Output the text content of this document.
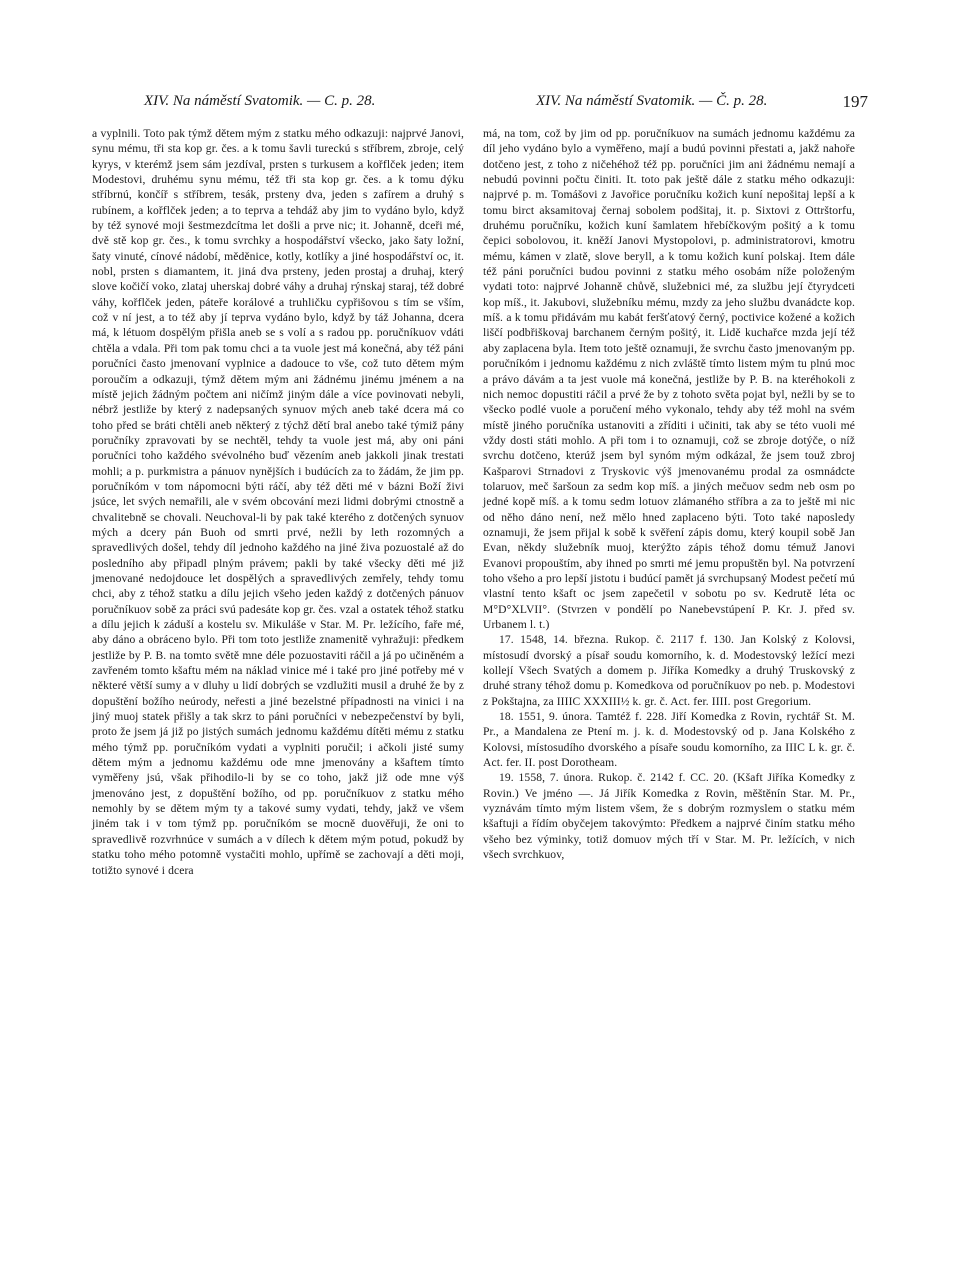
XIV. Na náměstí Svatomik. — C. p. 28.	XIV. Na náměstí Svatomik. — Č. p. 28.	197

a vyplnili. Toto pak týmž dětem mým z statku mého odkazuji: najprvé Janovi, synu mému, tři sta kop gr. čes. a k tomu šavli tureckú s stříbrem, zbroje, celý kyrys, v kterémž jsem sám jezdíval, prsten s turkusem a kořflček jeden; item Modestovi, druhému synu mému, též tři sta kop gr. čes. a k tomu dýku stříbrnú, končíř s stříbrem, tesák, prsteny dva, jeden s zafírem a druhý s rubínem, a kořflček jeden; a to teprva a tehdáž aby jim to vydáno bylo, když by též synové moji šestmezdcítma let došli a prve nic; it. Johanně, dceři mé, dvě stě kop gr. čes., k tomu svrchky a hospodářství všecko, jako šaty ložní, šaty vinuté, cínové nádobí, měděnice, kotly, kotlíky a jiné hospodářství oc, it. nobl, prsten s diamantem, it. jiná dva prsteny, jeden prostaj a druhaj, který slove kočičí voko, zlataj uherskaj dobré váhy a druhaj rýnskaj staraj, též dobré váhy, kořflček jeden, páteře korálové a truhličku cypřišovou s tím se vším, což v ní jest, a to též aby jí teprva vydáno bylo, když by táž Johanna, dcera má, k létuom dospělým přišla aneb se s volí a s radou pp. poručníkuov vdáti chtěla a vdala. Při tom pak tomu chci a ta vuole jest má konečná, aby též páni poručníci často jmenovaní vyplnice a dadouce to vše, což tuto dětem mým poroučím a odkazuji, týmž dětem mým ani žádnému jinému jménem a na místě jejich žádným počtem ani ničímž jiným dále a více povinovati nebyli, nébrž jestliže by který z nadepsaných synuov mých aneb také dcera má co toho před se bráti chtěli aneb některý z týchž dětí bral anebo také týmiž pány poručníky zpravovati by se nechtěl, tehdy ta vuole jest má, aby oni páni poručníci toho každého svévolného buď vězením aneb jakkoli jinak trestati mohli; a p. purkmistra a pánuov nynějších i budúcích za to žádám, že jim pp. poručníkóm v tom nápomocni býti ráčí, aby též děti mé v bázni Boží živi jsúce, let svých nemařili, ale v svém obcování mezi lidmi dobrými ctnostně a chvalitebně se chovali. Neuchoval-li by pak také kterého z dotčených synuov mých a dcery pán Buoh od smrti prvé, nežli by leth rozomných a spravedlivých došel, tehdy díl jednoho každého na jiné živa pozuostalé až do posledního aby připadl plným právem; pakli by také všecky děti mé již jmenované nedojdouce let dospělých a spravedlivých zemřely, tehdy tomu chci, aby z téhož statku a dílu jejich všeho jeden každý z dotčených pánuov poručníkuov sobě za práci svú padesáte kop gr. čes. vzal a ostatek téhož statku a dílu jejich k záduší a kostelu sv. Mikuláše v Star. M. Pr. ležícího, faře mé, aby dáno a obráceno bylo. Při tom toto jestliže znamenitě vyhražuji: předkem jestliže by P. B. na tomto světě mne déle pozuostaviti ráčil a já po učiněném a zavřeném tomto kšaftu mém na náklad vinice mé i také pro jiné potřeby mé v některé větší sumy a v dluhy u lidí dobrých se vzdlužiti musil a druhé že by z dopuštění božího neúrody, neřesti a jiné bezelstné případnosti na vinici i na jiný muoj statek přišly a tak skrz to páni poručníci v nebezpečenství by byli, proto že jsem já již po jistých sumách jednomu každému dítěti mému z statku mého týmž pp. poručníkóm vydati a vyplniti poručil; i ačkoli jisté sumy dětem mým a jednomu každému ode mne jmenovány a kšaftem tímto vyměřeny jsú, však přihodilo-li by se co toho, jakž již ode mne výš jmenováno jest, z dopuštění božího, od pp. poručníkuov z statku mého nemohly by se dětem mým ty a takové sumy vydati, tehdy, jakž ve všem jiném tak i v tom týmž pp. poručníkóm se mocně duověřuji, že oni to spravedlivě rozvrhnúce v sumách a v dílech k dětem mým potud, pokudž by statku toho mého potomně vystačiti mohlo, upřímě se zachovají a děti moji, totižto synové i dcera

má, na tom, což by jim od pp. poručníkuov na sumách jednomu každému za díl jeho vydáno bylo a vyměřeno, mají a budú povinni přestati a, jakž nahoře dotčeno jest, z toho z ničehéhož též pp. poručníci jim ani žádnému nemají a nebudú povinni počtu činiti. It. toto pak ještě dále z statku mého odkazuji: najprvé p. m. Tomášovi z Javořice poručníku kožich kuní nepošitaj lepší a k tomu birct aksamitovaj černaj sobolem podšitaj, it. p. Sixtovi z Ottrštorfu, druhému poručníku, kožich kuní šamlatem hřebíčkovým pošitý a k tomu čepici sobolovou, it. kněží Janovi Mystopolovi, p. administratorovi, kmotru mému, kámen v zlatě, slove beryll, a k tomu kožich kuní polskaj. Item dále též páni poručníci budou povinni z statku mého osobám níže položeným vydati toto: najprvé Johanně chůvě, služebnici mé, za službu její čtyrydceti kop míš., it. Jakubovi, služebníku mému, mzdy za jeho službu dvanádcte kop. míš. a k tomu přidávám mu kabát feršťatový černý, poctivice kožené a kožich liščí podbřiškovaj barchanem černým pošitý, it. Lidě kuchařce mzda její též aby zaplacena byla. Item toto ještě oznamuji, že svrchu často jmenovaným pp. poručníkóm i jednomu každému z nich zvláště tímto listem mým tu plnú moc a právo dávám a ta jest vuole má konečná, jestliže by P. B. na kteréhokoli z nich nemoc dopustiti ráčil a prvé že by z tohoto světa pojat byl, nežli by se to všecko podlé vuole a poručení mého vykonalo, tehdy aby též mohl na svém místě jiného poručníka ustanoviti a zříditi i učiniti, tak aby se této vuoli mé vždy dosti státi mohlo. A při tom i to oznamuji, což se zbroje dotýče, o níž svrchu dotčeno, kterúž jsem byl synóm mým odkázal, že jsem touž zbroj Kašparovi Strnadovi z Tryskovic výš jmenovanému prodal za osmnádcte tolaruov, meč šaršoun za sedm kop míš. a jiných mečuov sedm neb osm po jedné kopě míš. a k tomu sedm lotuov zlámaného stříbra a za to ještě mi nic od něho dáno není, než mělo hned zaplaceno býti. Toto také naposledy oznamuji, že jsem přijal k sobě k svěření zápis domu, který koupil sobě Jan Evan, někdy služebník muoj, kterýžto zápis téhož domu témuž Janovi Evanovi propouštím, aby ihned po smrti mé jemu propuštěn byl. Na potvrzení toho všeho a pro lepší jistotu i budúcí pamět já svrchupsaný Modest pečetí mú vlastní tento kšaft oc jsem zapečetil v sobotu po sv. Kedrutě léta oc M°D°XLVII°. (Stvrzen v pondělí po Nanebevstúpení P. Kr. J. před sv. Urbanem l. t.)

17. 1548, 14. března. Rukop. č. 2117 f. 130. Jan Kolský z Kolovsi, místosudí dvorský a písař soudu komorního, k. d. Modestovský ležící mezi kollejí Všech Svatých a domem p. Jiříka Komedky a druhý Truskovský z druhé strany téhož domu p. Komedkova od poručníkuov po neb. p. Modestovi z Pokštajna, za IIIIC XXXIII½ k. gr. č. Act. fer. IIII. post Gregorium.

18. 1551, 9. února. Tamtéž f. 228. Jiří Komedka z Rovin, rychtář St. M. Pr., a Mandalena ze Ptení m. j. k. d. Modestovský od p. Jana Kolského z Kolovsi, místosudího dvorského a písaře soudu komorního, za IIIC L k. gr. č. Act. fer. II. post Dorotheam.

19. 1558, 7. února. Rukop. č. 2142 f. CC. 20. (Kšaft Jiříka Komedky z Rovin.) Ve jméno —. Já Jiřík Komedka z Rovin, měštěnín Star. M. Pr., vyznávám tímto mým listem všem, že s dobrým rozmyslem o statku mém kšaftuji a řídím obyčejem takovýmto: Předkem a najprvé činím statku mého všeho bez výminky, totiž domuov mých tří v Star. M. Pr. ležících, v nich všech svrchkuov,
